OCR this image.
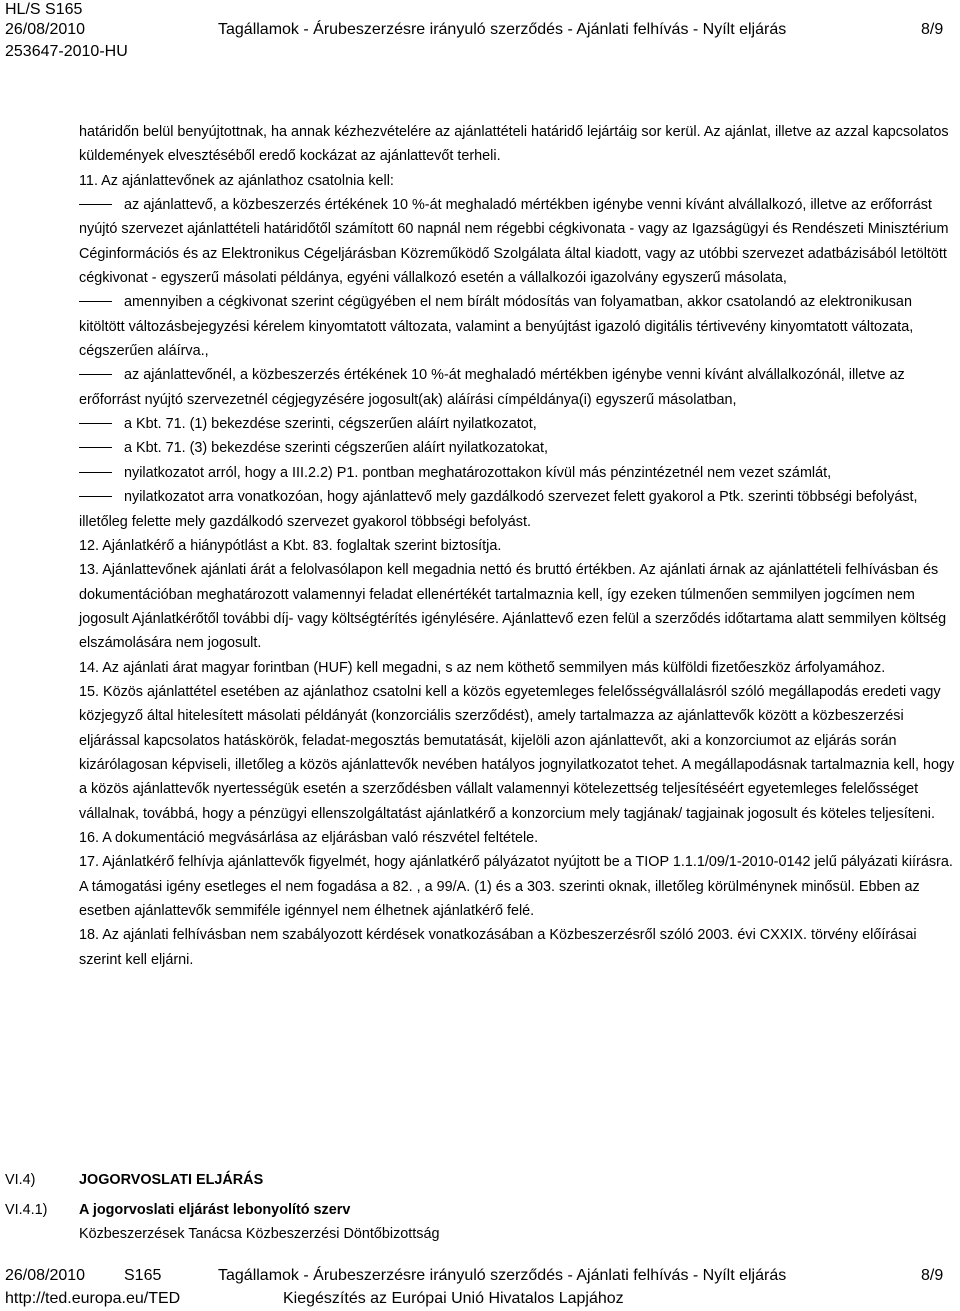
HL/S S165
26/08/2010
253647-2010-HU
Tagállamok - Árubeszerzésre irányuló szerződés - Ajánlati felhívás - Nyílt eljárás	8/9

határidőn belül benyújtottnak, ha annak kézhezvételére az ajánlattételi határidő lejártáig sor kerül. Az ajánlat, illetve az azzal kapcsolatos küldemények elvesztéséből eredő kockázat az ajánlattevőt terheli.

11. Az ajánlattevőnek az ajánlathoz csatolnia kell:

az ajánlattevő, a közbeszerzés értékének 10 %-át meghaladó mértékben igénybe venni kívánt alvállalkozó, illetve az erőforrást nyújtó szervezet ajánlattételi határidőtől számított 60 napnál nem régebbi cégkivonata - vagy az Igazságügyi és Rendészeti Minisztérium Céginformációs és az Elektronikus Cégeljárásban Közreműködő Szolgálata által kiadott, vagy az utóbbi szervezet adatbázisából letöltött cégkivonat - egyszerű másolati példánya, egyéni vállalkozó esetén a vállalkozói igazolvány egyszerű másolata,

amennyiben a cégkivonat szerint cégügyében el nem bírált módosítás van folyamatban, akkor csatolandó az elektronikusan kitöltött változásbejegyzési kérelem kinyomtatott változata, valamint a benyújtást igazoló digitális tértivevény kinyomtatott változata, cégszerűen aláírva.,

az ajánlattevőnél, a közbeszerzés értékének 10 %-át meghaladó mértékben igénybe venni kívánt alvállalkozónál, illetve az erőforrást nyújtó szervezetnél cégjegyzésére jogosult(ak) aláírási címpéldánya(i) egyszerű másolatban,

a Kbt. 71. (1) bekezdése szerinti, cégszerűen aláírt nyilatkozatot,

a Kbt. 71. (3) bekezdése szerinti cégszerűen aláírt nyilatkozatokat,

nyilatkozatot arról, hogy a III.2.2) P1. pontban meghatározottakon kívül más pénzintézetnél nem vezet számlát,

nyilatkozatot arra vonatkozóan, hogy ajánlattevő mely gazdálkodó szervezet felett gyakorol a Ptk. szerinti többségi befolyást, illetőleg felette mely gazdálkodó szervezet gyakorol többségi befolyást.

12. Ajánlatkérő a hiánypótlást a Kbt. 83. foglaltak szerint biztosítja.

13. Ajánlattevőnek ajánlati árát a felolvasólapon kell megadnia nettó és bruttó értékben. Az ajánlati árnak az ajánlattételi felhívásban és dokumentációban meghatározott valamennyi feladat ellenértékét tartalmaznia kell, így ezeken túlmenően semmilyen jogcímen nem jogosult Ajánlatkérőtől további díj- vagy költségtérítés igénylésére. Ajánlattevő ezen felül a szerződés időtartama alatt semmilyen költség elszámolására nem jogosult.

14. Az ajánlati árat magyar forintban (HUF) kell megadni, s az nem köthető semmilyen más külföldi fizetőeszköz árfolyamához.

15. Közös ajánlattétel esetében az ajánlathoz csatolni kell a közös egyetemleges felelősségvállalásról szóló megállapodás eredeti vagy közjegyző által hitelesített másolati példányát (konzorciális szerződést), amely tartalmazza az ajánlattevők között a közbeszerzési eljárással kapcsolatos hatáskörök, feladat-megosztás bemutatását, kijelöli azon ajánlattevőt, aki a konzorciumot az eljárás során kizárólagosan képviseli, illetőleg a közös ajánlattevők nevében hatályos jognyilatkozatot tehet. A megállapodásnak tartalmaznia kell, hogy a közös ajánlattevők nyertességük esetén a szerződésben vállalt valamennyi kötelezettség teljesítéséért egyetemleges felelősséget vállalnak, továbbá, hogy a pénzügyi ellenszolgáltatást ajánlatkérő a konzorcium mely tagjának/ tagjainak jogosult és köteles teljesíteni.

16. A dokumentáció megvásárlása az eljárásban való részvétel feltétele.

17. Ajánlatkérő felhívja ajánlattevők figyelmét, hogy ajánlatkérő pályázatot nyújtott be a TIOP 1.1.1/09/1-2010-0142 jelű pályázati kiírásra. A támogatási igény esetleges el nem fogadása a 82. , a 99/A. (1) és a 303. szerinti oknak, illetőleg körülménynek minősül. Ebben az esetben ajánlattevők semmiféle igénnyel nem élhetnek ajánlatkérő felé.

18. Az ajánlati felhívásban nem szabályozott kérdések vonatkozásában a Közbeszerzésről szóló 2003. évi CXXIX. törvény előírásai szerint kell eljárni.

VI.4)	JOGORVOSLATI ELJÁRÁS
VI.4.1) A jogorvoslati eljárást lebonyolító szerv
Közbeszerzések Tanácsa Közbeszerzési Döntőbizottság
26/08/2010 S165	Tagállamok - Árubeszerzésre irányuló szerződés - Ajánlati felhívás - Nyílt eljárás	8/9
http://ted.europa.eu/TED	Kiegészítés az Európai Unió Hivatalos Lapjához
